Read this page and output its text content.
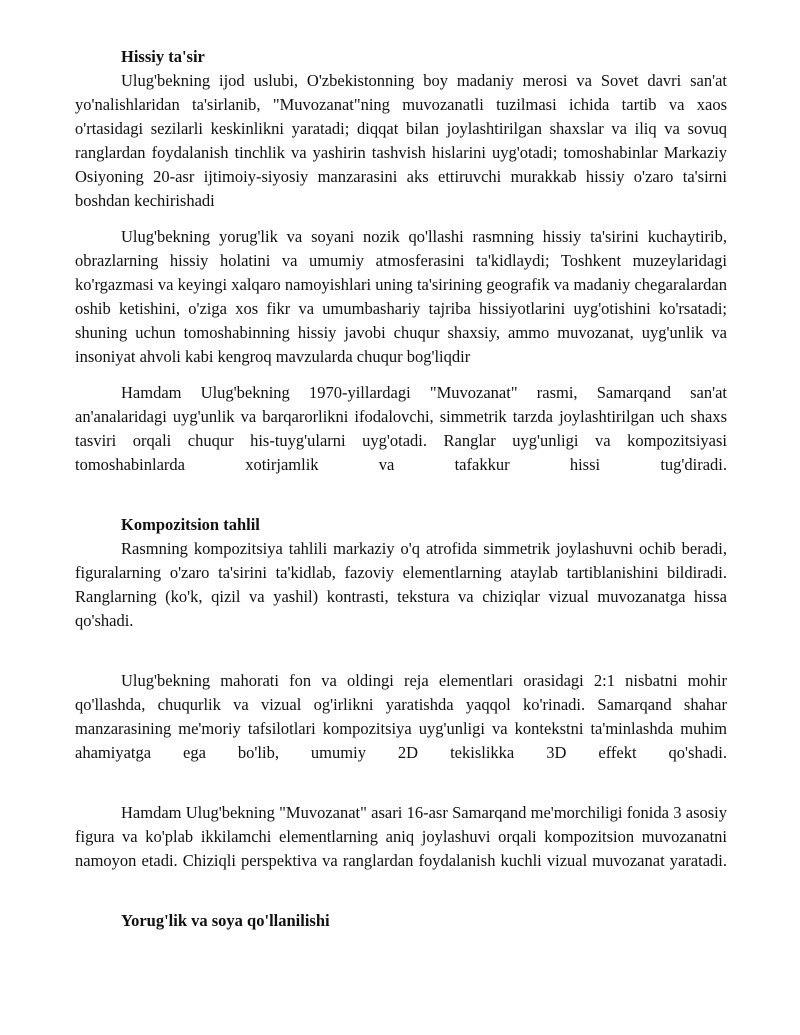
Hissiy ta'sir

Ulug'bekning ijod uslubi, O'zbekistonning boy madaniy merosi va Sovet davri san'at yo'nalishlaridan ta'sirlanib, "Muvozanat"ning muvozanatli tuzilmasi ichida tartib va xaos o'rtasidagi sezilarli keskinlikni yaratadi; diqqat bilan joylashtirilgan shaxslar va iliq va sovuq ranglardan foydalanish tinchlik va yashirin tashvish hislarini uyg'otadi; tomoshabinlar Markaziy Osiyoning 20-asr ijtimoiy-siyosiy manzarasini aks ettiruvchi murakkab hissiy o'zaro ta'sirni boshdan kechirishadi

Ulug'bekning yorug'lik va soyani nozik qo'llashi rasmning hissiy ta'sirini kuchaytirib, obrazlarning hissiy holatini va umumiy atmosferasini ta'kidlaydi; Toshkent muzeylaridagi ko'rgazmasi va keyingi xalqaro namoyishlari uning ta'sirining geografik va madaniy chegaralardan oshib ketishini, o'ziga xos fikr va umumbashariy tajriba hissiyotlarini uyg'otishini ko'rsatadi; shuning uchun tomoshabinning hissiy javobi chuqur shaxsiy, ammo muvozanat, uyg'unlik va insoniyat ahvoli kabi kengroq mavzularda chuqur bog'liqdir

Hamdam Ulug'bekning 1970-yillardagi "Muvozanat" rasmi, Samarqand san'at an'analaridagi uyg'unlik va barqarorlikni ifodalovchi, simmetrik tarzda joylashtirilgan uch shaxs tasviri orqali chuqur his-tuyg'ularni uyg'otadi. Ranglar uyg'unligi va kompozitsiyasi tomoshabinlarda xotirjamlik va tafakkur hissi tug'diradi.

Kompozitsion tahlil

Rasmning kompozitsiya tahlili markaziy o'q atrofida simmetrik joylashuvni ochib beradi, figuralarning o'zaro ta'sirini ta'kidlab, fazoviy elementlarning ataylab tartiblanishini bildiradi. Ranglarning (ko'k, qizil va yashil) kontrasti, tekstura va chiziqlar vizual muvozanatga hissa qo'shadi.

Ulug'bekning mahorati fon va oldingi reja elementlari orasidagi 2:1 nisbatni mohir qo'llashda, chuqurlik va vizual og'irlikni yaratishda yaqqol ko'rinadi. Samarqand shahar manzarasining me'moriy tafsilotlari kompozitsiya uyg'unligi va kontekstni ta'minlashda muhim ahamiyatga ega bo'lib, umumiy 2D tekislikka 3D effekt qo'shadi.

Hamdam Ulug'bekning "Muvozanat" asari 16-asr Samarqand me'morchiligi fonida 3 asosiy figura va ko'plab ikkilamchi elementlarning aniq joylashuvi orqali kompozitsion muvozanatni namoyon etadi. Chiziqli perspektiva va ranglardan foydalanish kuchli vizual muvozanat yaratadi.

Yorug'lik va soya qo'llanilishi
